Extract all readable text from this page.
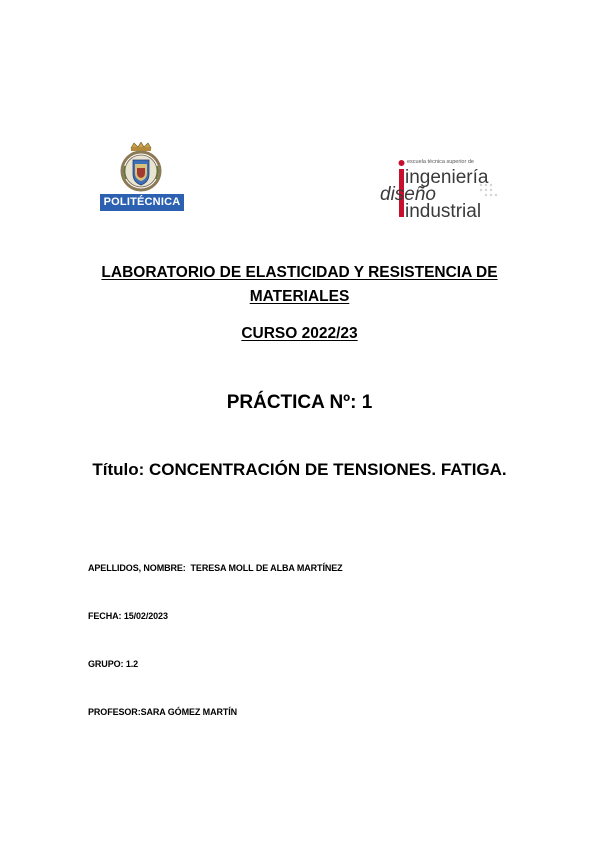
POLITÉCNICA
escuela técnica superior de
ingeniería
diseño
industrial
LABORATORIO DE ELASTICIDAD Y RESISTENCIA DE
MATERIALES
CURSO 2022/23
PRÁCTICA Nº: 1
Título: CONCENTRACIÓN DE TENSIONES. FATIGA.
APELLIDOS, NOMBRE: TERESA MOLL DE ALBA MARTÍNEZ
FECHA: 15/02/2023
GRUPO: 1.2
PROFESOR:SARA GÓMEZ MARTÍN
